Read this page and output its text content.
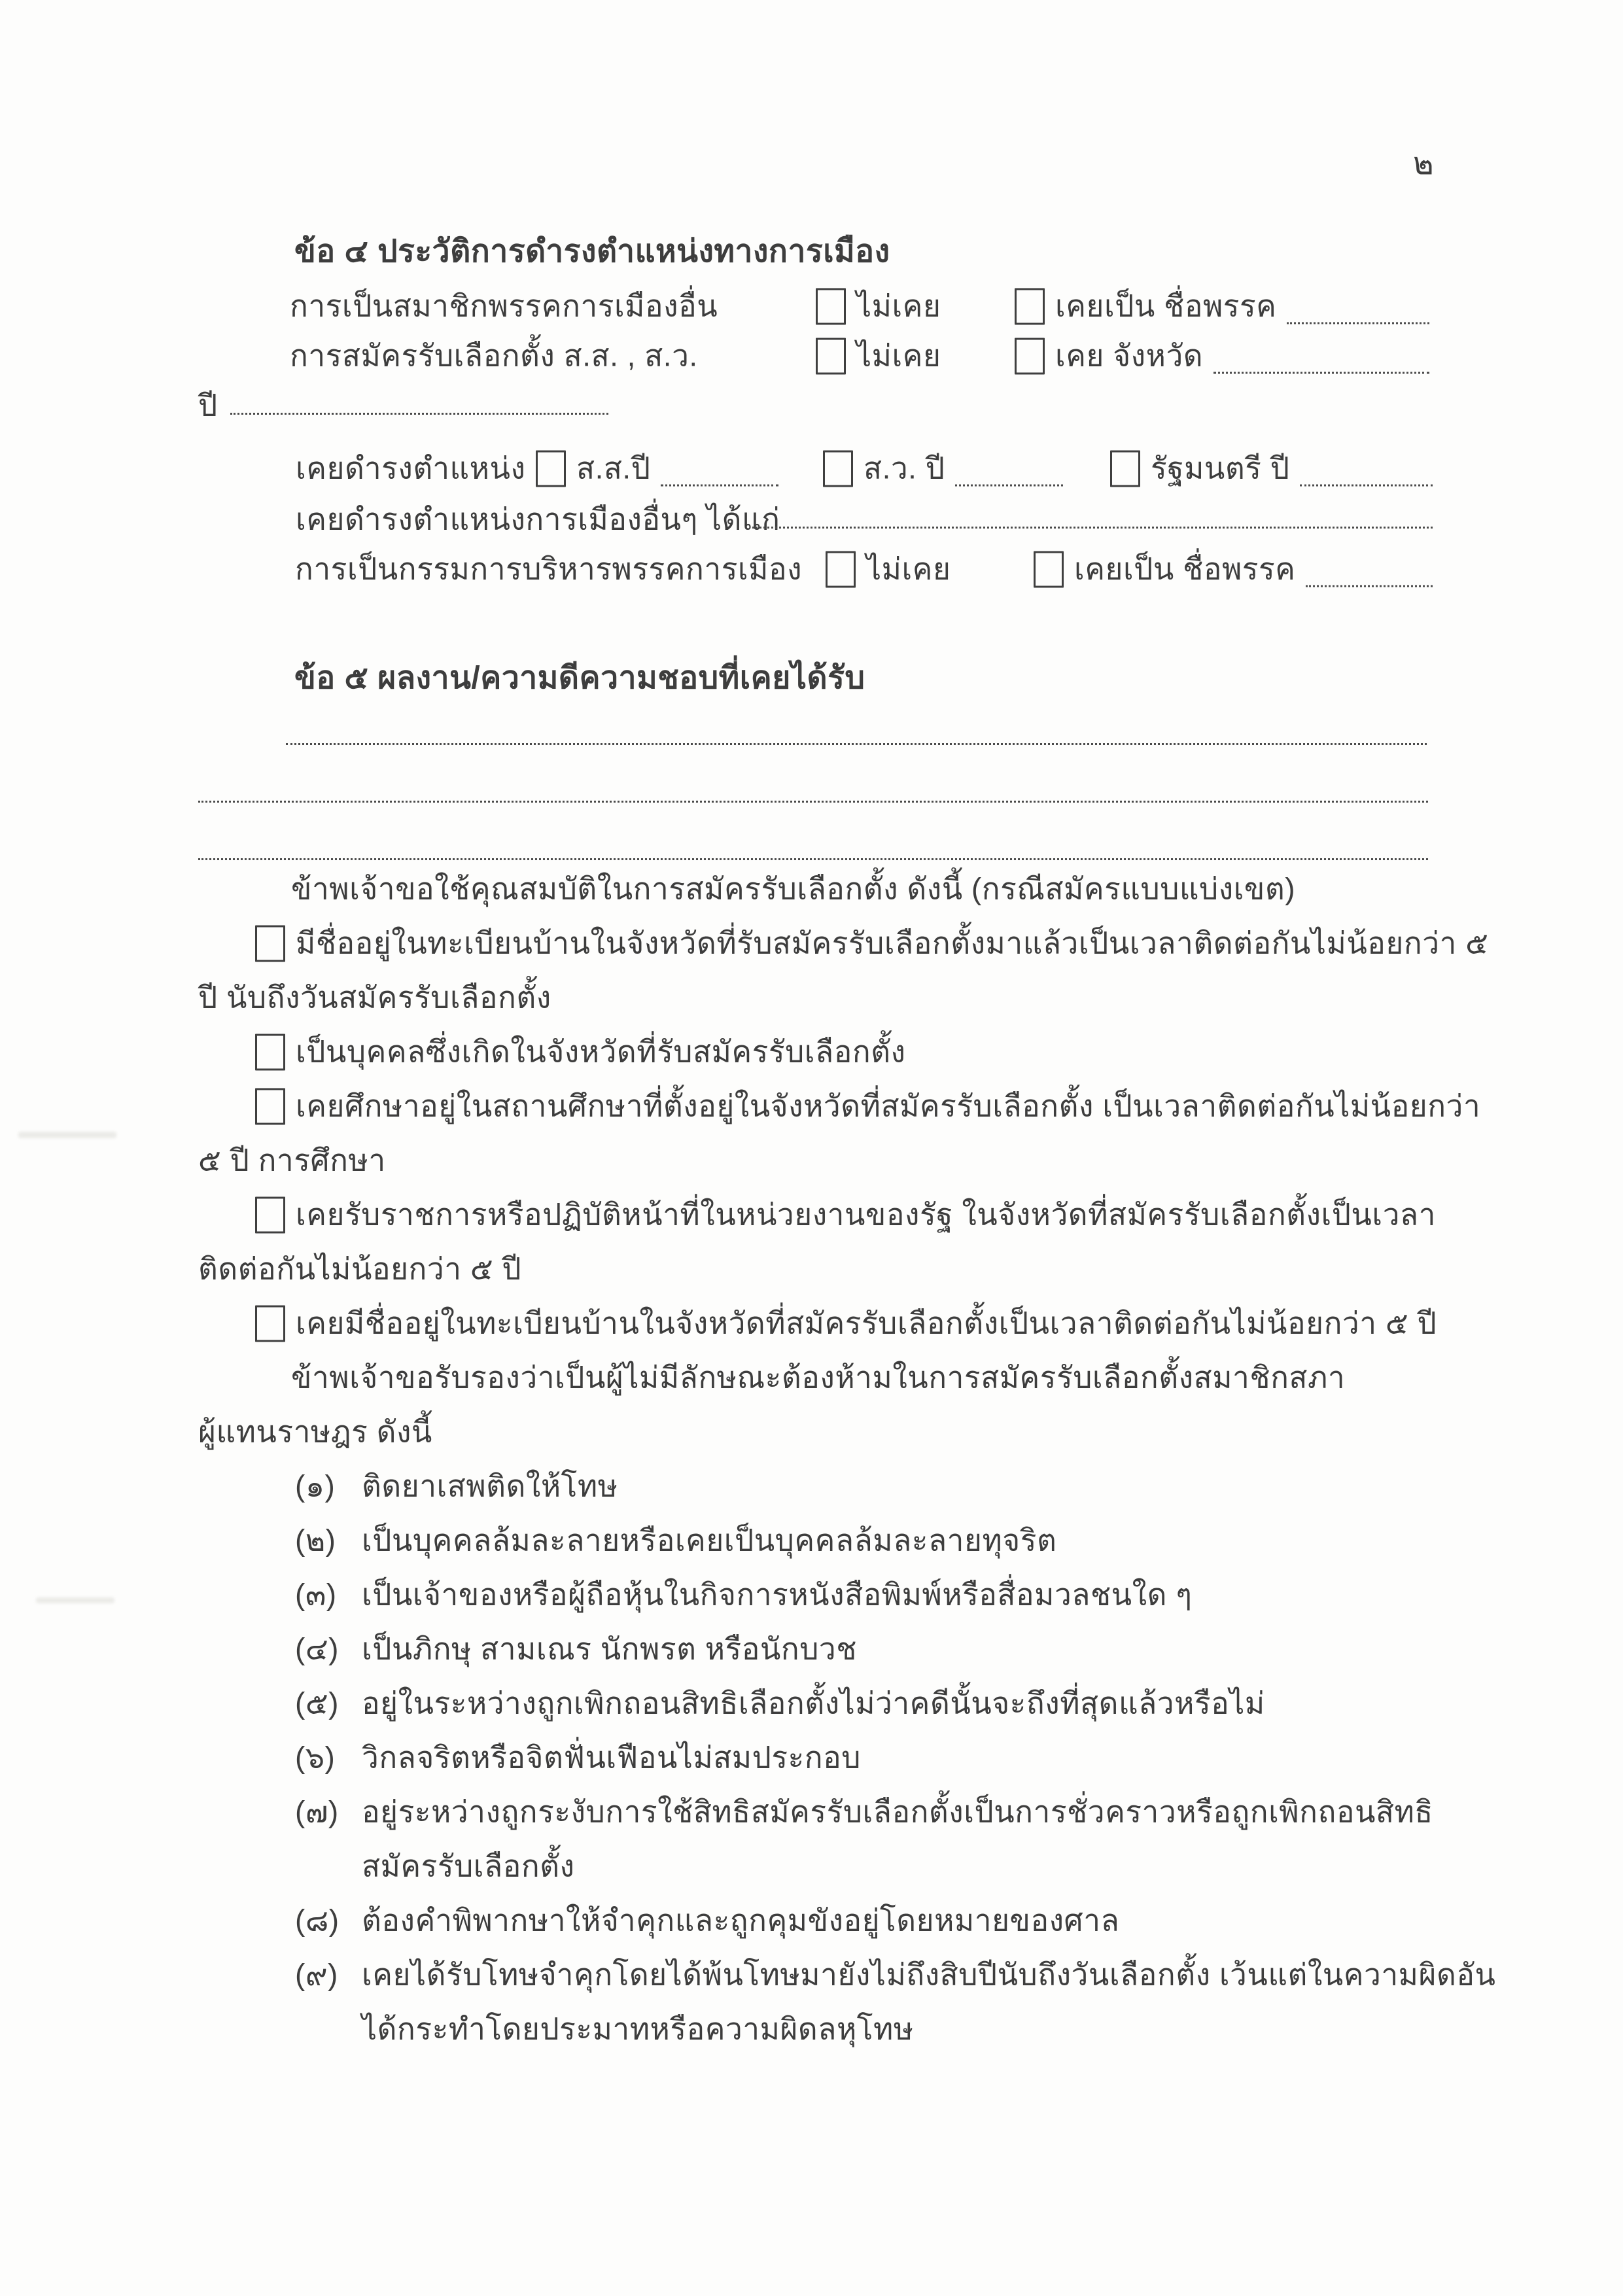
๒
ข้อ ๔ ประวัติการดำรงตำแหน่งทางการเมือง
การเป็นสมาชิกพรรคการเมืองอื่น	ไม่เคย	เคยเป็น ชื่อพรรค
การสมัครรับเลือกตั้ง ส.ส. , ส.ว.	ไม่เคย	เคย จังหวัด
ปี
เคยดำรงตำแหน่ง ส.ส.ปี	ส.ว. ปี	รัฐมนตรี ปี
เคยดำรงตำแหน่งการเมืองอื่นๆ ได้แก่
การเป็นกรรมการบริหารพรรคการเมือง ไม่เคย	เคยเป็น ชื่อพรรค
ข้อ ๕ ผลงาน/ความดีความชอบที่เคยได้รับ
ข้าพเจ้าขอใช้คุณสมบัติในการสมัครรับเลือกตั้ง ดังนี้ (กรณีสมัครแบบแบ่งเขต)
มีชื่ออยู่ในทะเบียนบ้านในจังหวัดที่รับสมัครรับเลือกตั้งมาแล้วเป็นเวลาติดต่อกันไม่น้อยกว่า ๕
ปี นับถึงวันสมัครรับเลือกตั้ง
เป็นบุคคลซึ่งเกิดในจังหวัดที่รับสมัครรับเลือกตั้ง
เคยศึกษาอยู่ในสถานศึกษาที่ตั้งอยู่ในจังหวัดที่สมัครรับเลือกตั้ง เป็นเวลาติดต่อกันไม่น้อยกว่า
๕ ปี การศึกษา
เคยรับราชการหรือปฏิบัติหน้าที่ในหน่วยงานของรัฐ ในจังหวัดที่สมัครรับเลือกตั้งเป็นเวลา
ติดต่อกันไม่น้อยกว่า ๕ ปี
เคยมีชื่ออยู่ในทะเบียนบ้านในจังหวัดที่สมัครรับเลือกตั้งเป็นเวลาติดต่อกันไม่น้อยกว่า ๕ ปี
ข้าพเจ้าขอรับรองว่าเป็นผู้ไม่มีลักษณะต้องห้ามในการสมัครรับเลือกตั้งสมาชิกสภา
ผู้แทนราษฎร ดังนี้
(๑) ติดยาเสพติดให้โทษ
(๒) เป็นบุคคลล้มละลายหรือเคยเป็นบุคคลล้มละลายทุจริต
(๓) เป็นเจ้าของหรือผู้ถือหุ้นในกิจการหนังสือพิมพ์หรือสื่อมวลชนใด ๆ
(๔) เป็นภิกษุ สามเณร นักพรต หรือนักบวช
(๕) อยู่ในระหว่างถูกเพิกถอนสิทธิเลือกตั้งไม่ว่าคดีนั้นจะถึงที่สุดแล้วหรือไม่
(๖) วิกลจริตหรือจิตฟั่นเฟือนไม่สมประกอบ
(๗) อยู่ระหว่างถูกระงับการใช้สิทธิสมัครรับเลือกตั้งเป็นการชั่วคราวหรือถูกเพิกถอนสิทธิ
สมัครรับเลือกตั้ง
(๘) ต้องคำพิพากษาให้จำคุกและถูกคุมขังอยู่โดยหมายของศาล
(๙) เคยได้รับโทษจำคุกโดยได้พ้นโทษมายังไม่ถึงสิบปีนับถึงวันเลือกตั้ง เว้นแต่ในความผิดอัน
ได้กระทำโดยประมาทหรือความผิดลหุโทษ
